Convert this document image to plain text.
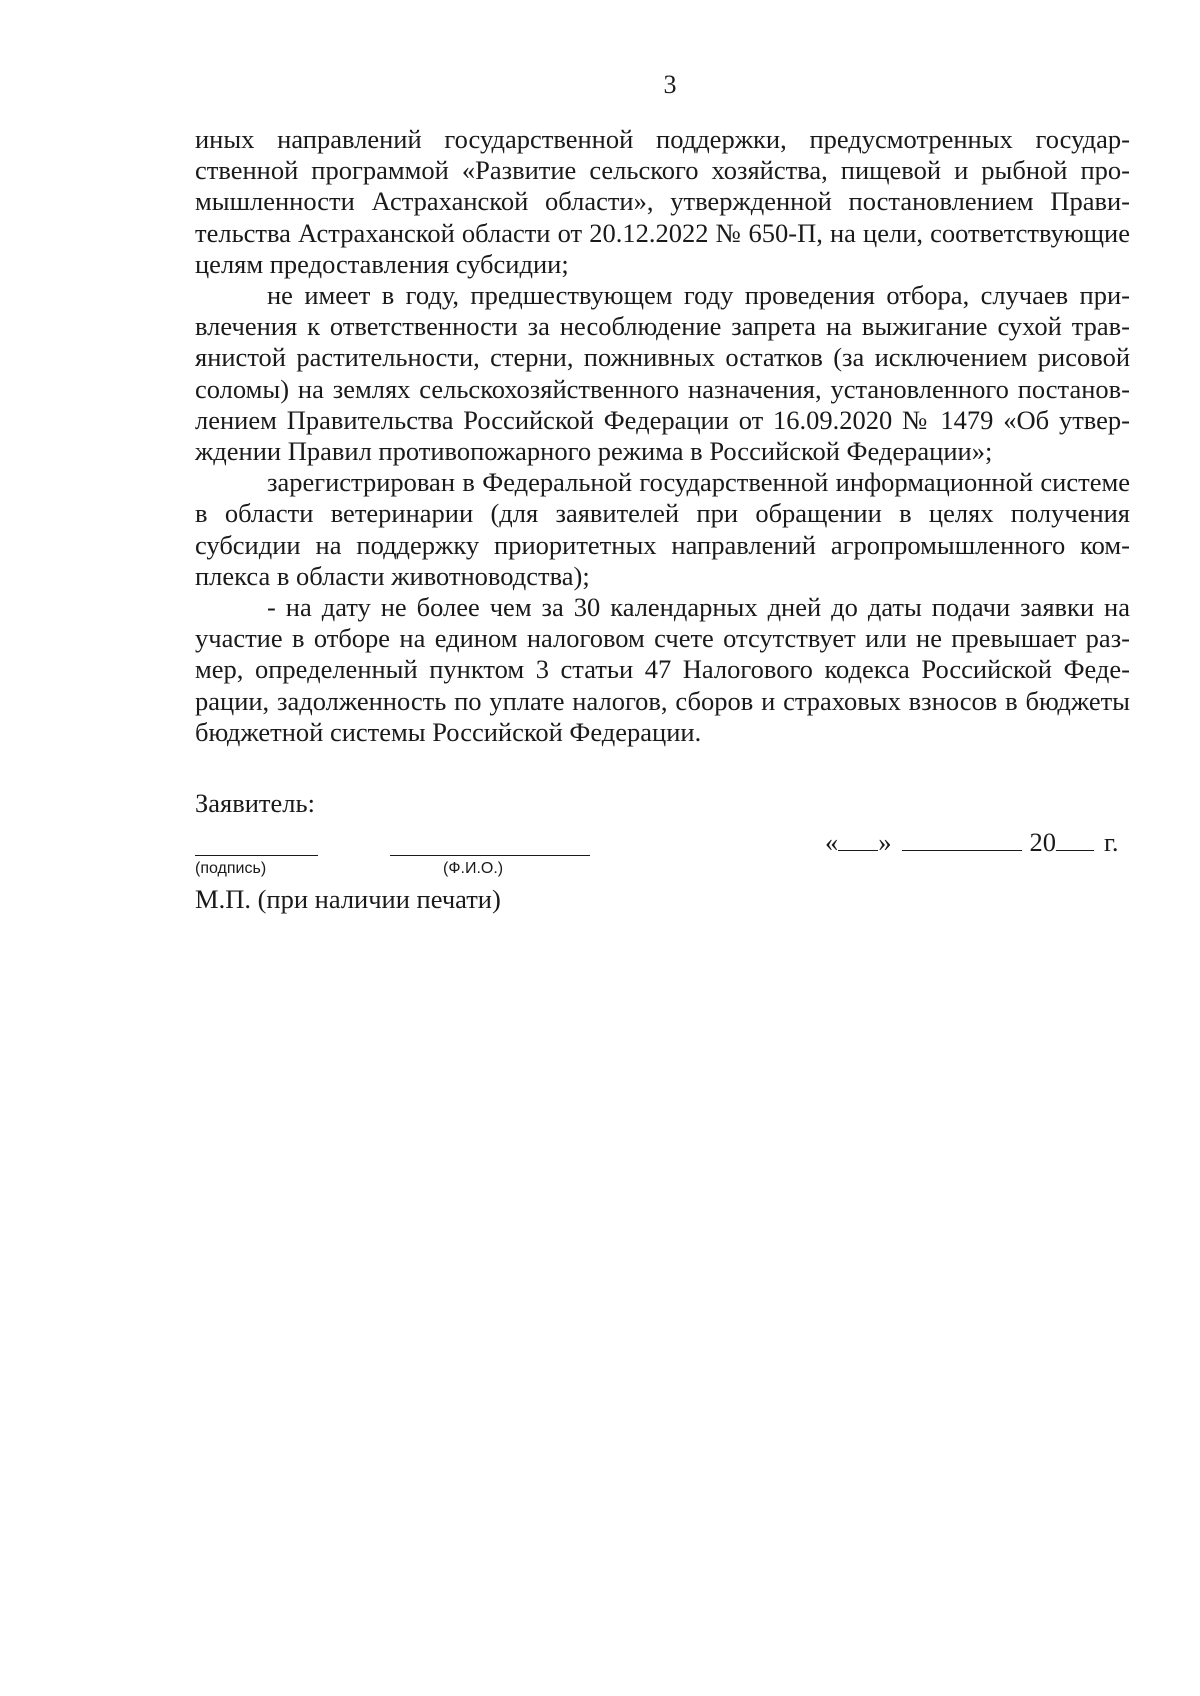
3

иных направлений государственной поддержки, предусмотренных государственной программой «Развитие сельского хозяйства, пищевой и рыбной промышленности Астраханской области», утвержденной постановлением Правительства Астраханской области от 20.12.2022 № 650-П, на цели, соответствующие целям предоставления субсидии;

не имеет в году, предшествующем году проведения отбора, случаев привлечения к ответственности за несоблюдение запрета на выжигание сухой травянистой растительности, стерни, пожнивных остатков (за исключением рисовой соломы) на землях сельскохозяйственного назначения, установленного постановлением Правительства Российской Федерации от 16.09.2020 № 1479 «Об утверждении Правил противопожарного режима в Российской Федерации»;

зарегистрирован в Федеральной государственной информационной системе в области ветеринарии (для заявителей при обращении в целях получения субсидии на поддержку приоритетных направлений агропромышленного комплекса в области животноводства);

- на дату не более чем за 30 календарных дней до даты подачи заявки на участие в отборе на едином налоговом счете отсутствует или не превышает размер, определенный пунктом 3 статьи 47 Налогового кодекса Российской Федерации, задолженность по уплате налогов, сборов и страховых взносов в бюджеты бюджетной системы Российской Федерации.

Заявитель:
(подпись)	(Ф.И.О.)
« »	20 г.
М.П. (при наличии печати)
